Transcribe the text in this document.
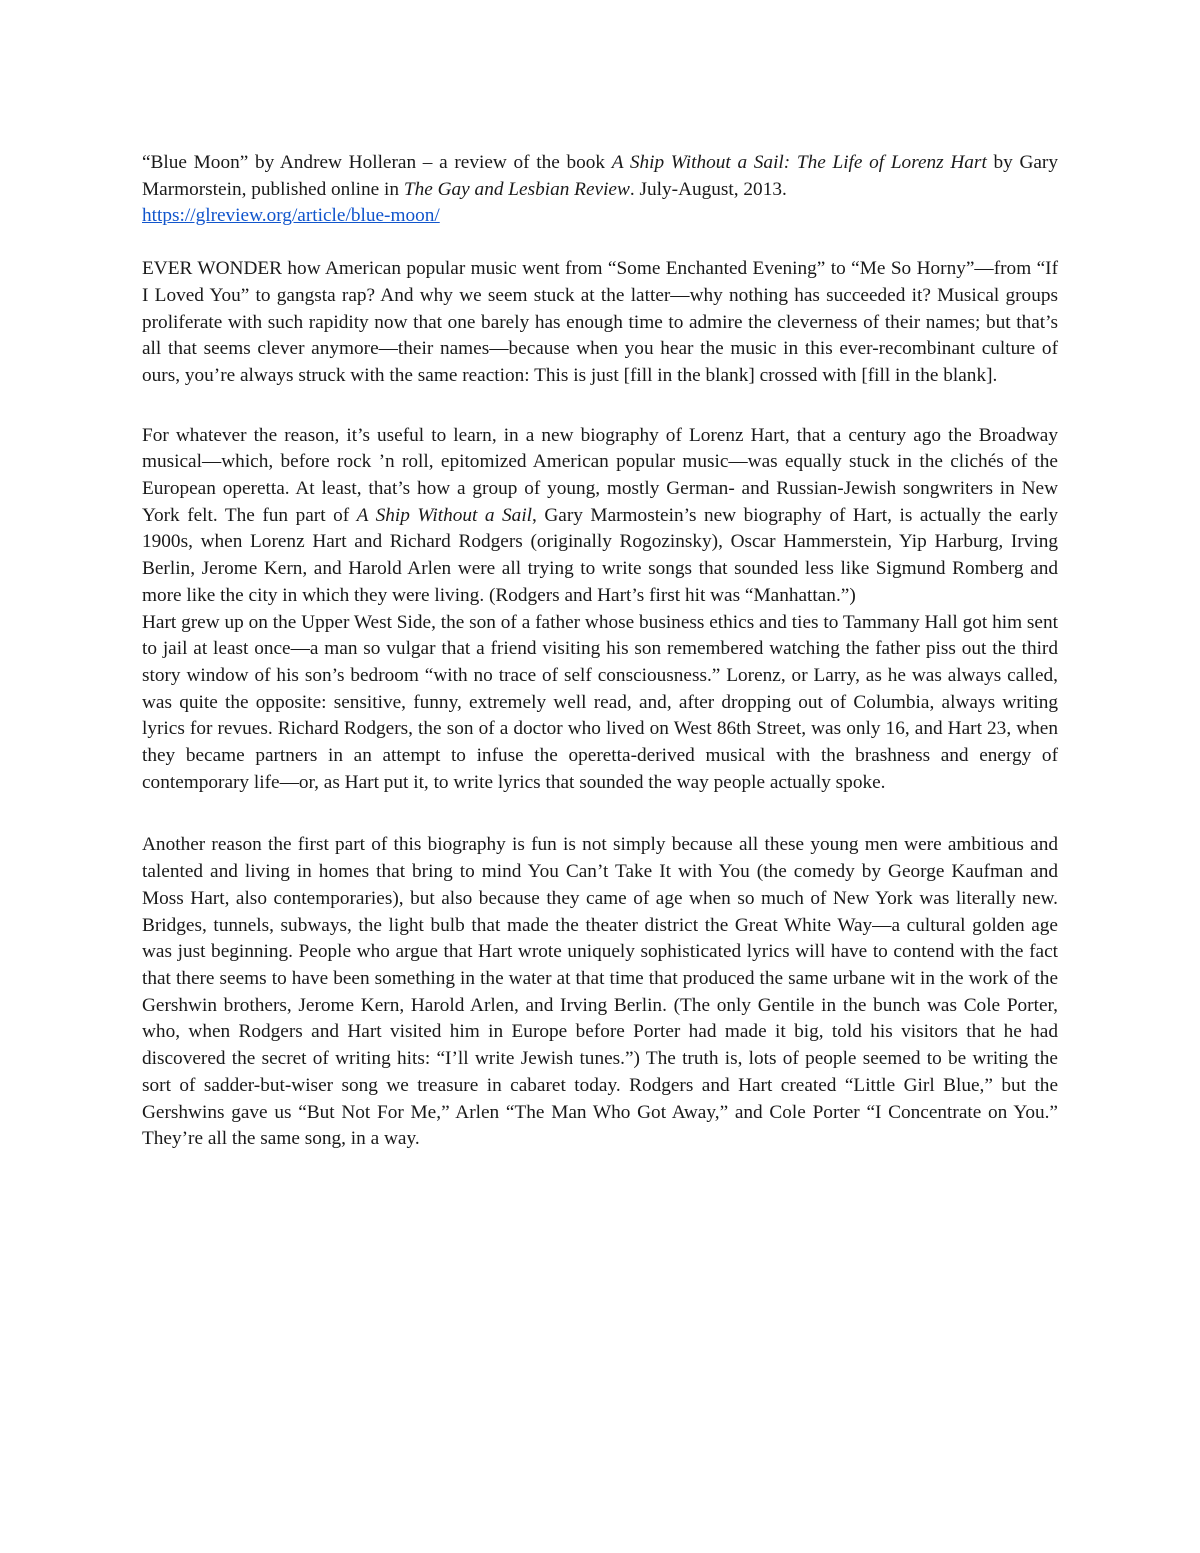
“Blue Moon” by Andrew Holleran – a review of the book A Ship Without a Sail: The Life of Lorenz Hart by Gary Marmorstein, published online in The Gay and Lesbian Review. July-August, 2013.
https://glreview.org/article/blue-moon/

EVER WONDER how American popular music went from “Some Enchanted Evening” to “Me So Horny”—from “If I Loved You” to gangsta rap? And why we seem stuck at the latter—why nothing has succeeded it? Musical groups proliferate with such rapidity now that one barely has enough time to admire the cleverness of their names; but that’s all that seems clever anymore—their names—because when you hear the music in this ever-recombinant culture of ours, you’re always struck with the same reaction: This is just [fill in the blank] crossed with [fill in the blank].

For whatever the reason, it’s useful to learn, in a new biography of Lorenz Hart, that a century ago the Broadway musical—which, before rock ’n roll, epitomized American popular music—was equally stuck in the clichés of the European operetta. At least, that’s how a group of young, mostly German- and Russian-Jewish songwriters in New York felt. The fun part of A Ship Without a Sail, Gary Marmostein’s new biography of Hart, is actually the early 1900s, when Lorenz Hart and Richard Rodgers (originally Rogozinsky), Oscar Hammerstein, Yip Harburg, Irving Berlin, Jerome Kern, and Harold Arlen were all trying to write songs that sounded less like Sigmund Romberg and more like the city in which they were living. (Rodgers and Hart’s first hit was “Manhattan.”)

Hart grew up on the Upper West Side, the son of a father whose business ethics and ties to Tammany Hall got him sent to jail at least once—a man so vulgar that a friend visiting his son remembered watching the father piss out the third story window of his son’s bedroom “with no trace of self consciousness.” Lorenz, or Larry, as he was always called, was quite the opposite: sensitive, funny, extremely well read, and, after dropping out of Columbia, always writing lyrics for revues. Richard Rodgers, the son of a doctor who lived on West 86th Street, was only 16, and Hart 23, when they became partners in an attempt to infuse the operetta-derived musical with the brashness and energy of contemporary life—or, as Hart put it, to write lyrics that sounded the way people actually spoke.

Another reason the first part of this biography is fun is not simply because all these young men were ambitious and talented and living in homes that bring to mind You Can’t Take It with You (the comedy by George Kaufman and Moss Hart, also contemporaries), but also because they came of age when so much of New York was literally new. Bridges, tunnels, subways, the light bulb that made the theater district the Great White Way—a cultural golden age was just beginning. People who argue that Hart wrote uniquely sophisticated lyrics will have to contend with the fact that there seems to have been something in the water at that time that produced the same urbane wit in the work of the Gershwin brothers, Jerome Kern, Harold Arlen, and Irving Berlin. (The only Gentile in the bunch was Cole Porter, who, when Rodgers and Hart visited him in Europe before Porter had made it big, told his visitors that he had discovered the secret of writing hits: “I’ll write Jewish tunes.”) The truth is, lots of people seemed to be writing the sort of sadder-but-wiser song we treasure in cabaret today. Rodgers and Hart created “Little Girl Blue,” but the Gershwins gave us “But Not For Me,” Arlen “The Man Who Got Away,” and Cole Porter “I Concentrate on You.” They’re all the same song, in a way.
